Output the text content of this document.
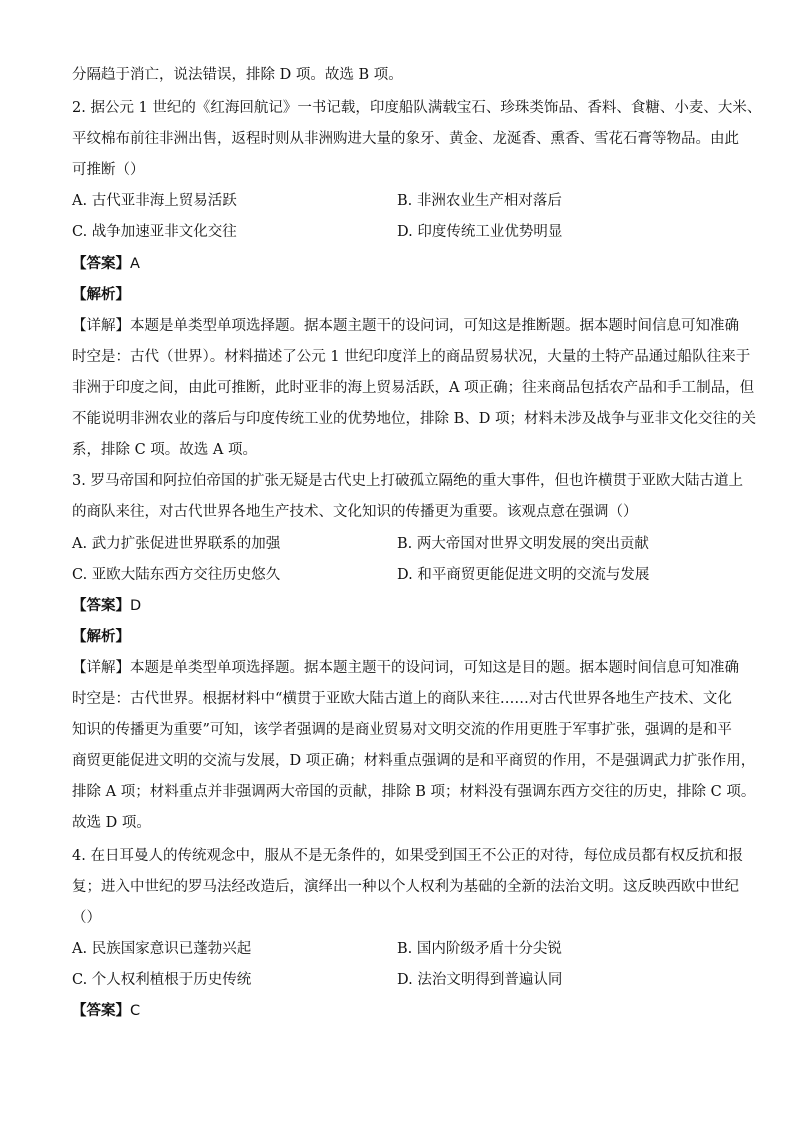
分隔趋于消亡，说法错误，排除 D 项。故选 B 项。
2. 据公元 1 世纪的《红海回航记》一书记载，印度船队满载宝石、珍珠类饰品、香料、食糖、小麦、大米、
平纹棉布前往非洲出售，返程时则从非洲购进大量的象牙、黄金、龙涎香、熏香、雪花石膏等物品。由此
可推断（）
A. 古代亚非海上贸易活跃	B. 非洲农业生产相对落后
C. 战争加速亚非文化交往	D. 印度传统工业优势明显
【答案】A
【解析】
【详解】本题是单类型单项选择题。据本题主题干的设问词，可知这是推断题。据本题时间信息可知准确
时空是：古代（世界）。材料描述了公元 1 世纪印度洋上的商品贸易状况，大量的土特产品通过船队往来于
非洲于印度之间，由此可推断，此时亚非的海上贸易活跃，A 项正确；往来商品包括农产品和手工制品，但
不能说明非洲农业的落后与印度传统工业的优势地位，排除 B、D 项；材料未涉及战争与亚非文化交往的关
系，排除 C 项。故选 A 项。
3. 罗马帝国和阿拉伯帝国的扩张无疑是古代史上打破孤立隔绝的重大事件，但也许横贯于亚欧大陆古道上
的商队来往，对古代世界各地生产技术、文化知识的传播更为重要。该观点意在强调（）
A. 武力扩张促进世界联系的加强	B. 两大帝国对世界文明发展的突出贡献
C. 亚欧大陆东西方交往历史悠久	D. 和平商贸更能促进文明的交流与发展
【答案】D
【解析】
【详解】本题是单类型单项选择题。据本题主题干的设问词，可知这是目的题。据本题时间信息可知准确
时空是：古代世界。根据材料中“横贯于亚欧大陆古道上的商队来往……对古代世界各地生产技术、文化
知识的传播更为重要”可知，该学者强调的是商业贸易对文明交流的作用更胜于军事扩张，强调的是和平
商贸更能促进文明的交流与发展，D 项正确；材料重点强调的是和平商贸的作用，不是强调武力扩张作用，
排除 A 项；材料重点并非强调两大帝国的贡献，排除 B 项；材料没有强调东西方交往的历史，排除 C 项。
故选 D 项。
4. 在日耳曼人的传统观念中，服从不是无条件的，如果受到国王不公正的对待，每位成员都有权反抗和报
复；进入中世纪的罗马法经改造后，演绎出一种以个人权利为基础的全新的法治文明。这反映西欧中世纪
（）
A. 民族国家意识已蓬勃兴起	B. 国内阶级矛盾十分尖锐
C. 个人权利植根于历史传统	D. 法治文明得到普遍认同
【答案】C
